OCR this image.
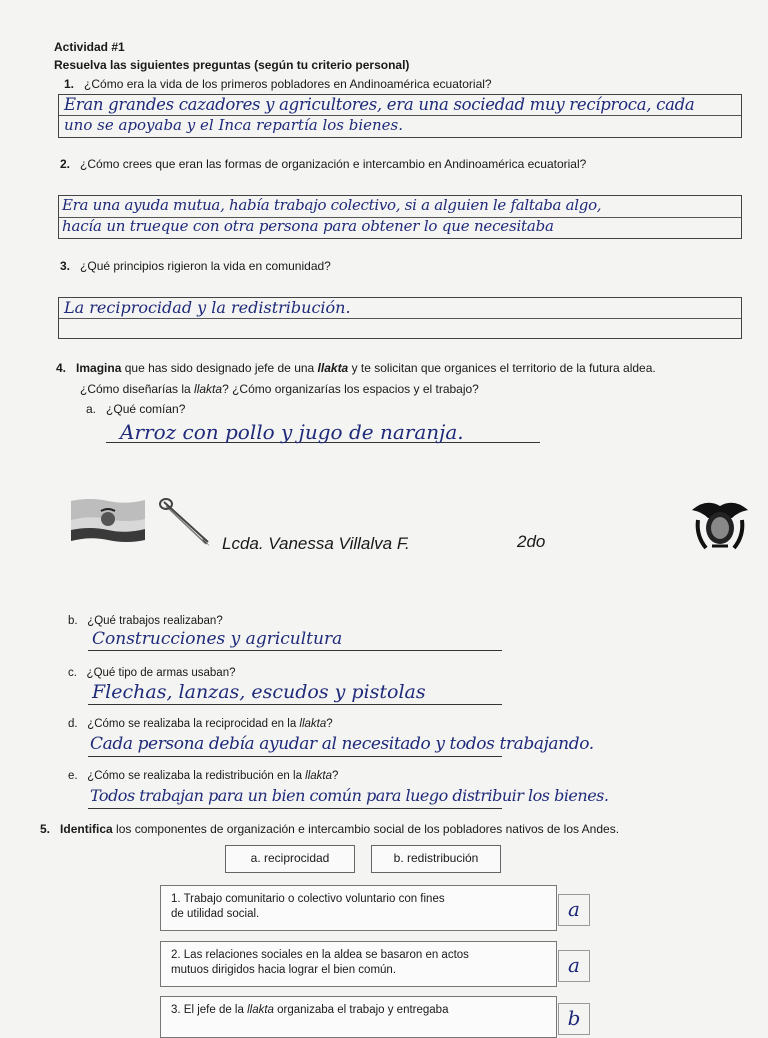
Actividad #1
Resuelva las siguientes preguntas (según tu criterio personal)
1. ¿Cómo era la vida de los primeros pobladores en Andinoamérica ecuatorial?
Eran grandes cazadores y agricultores, era una sociedad muy recíproca, cada
uno se apoyaba y el Inca repartía los bienes.
2. ¿Cómo crees que eran las formas de organización e intercambio en Andinoamérica ecuatorial?
Era una ayuda mutua, había trabajo colectivo, si a alguien le faltaba algo,
hacía un trueque con otra persona para obtener lo que necesitaba
3. ¿Qué principios rigieron la vida en comunidad?
La reciprocidad y la redistribución.
4. Imagina que has sido designado jefe de una llakta y te solicitan que organices el territorio de la futura aldea.
¿Cómo diseñarías la llakta? ¿Cómo organizarías los espacios y el trabajo?
a. ¿Qué comían?
Arroz con pollo y jugo de naranja.
Lcda. Vanessa Villalva F.	2do
b. ¿Qué trabajos realizaban?
Construcciones y agricultura
c. ¿Qué tipo de armas usaban?
Flechas, lanzas, escudos y pistolas
d. ¿Cómo se realizaba la reciprocidad en la llakta?
Cada persona debía ayudar al necesitado y todos trabajando.
e. ¿Cómo se realizaba la redistribución en la llakta?
Todos trabajan para un bien común para luego distribuir los bienes.
5. Identifica los componentes de organización e intercambio social de los pobladores nativos de los Andes.
a. reciprocidad	b. redistribución
1. Trabajo comunitario o colectivo voluntario con fines
de utilidad social.	a
2. Las relaciones sociales en la aldea se basaron en actos
mutuos dirigidos hacia lograr el bien común.	a
3. El jefe de la llakta organizaba el trabajo y entregaba	b
